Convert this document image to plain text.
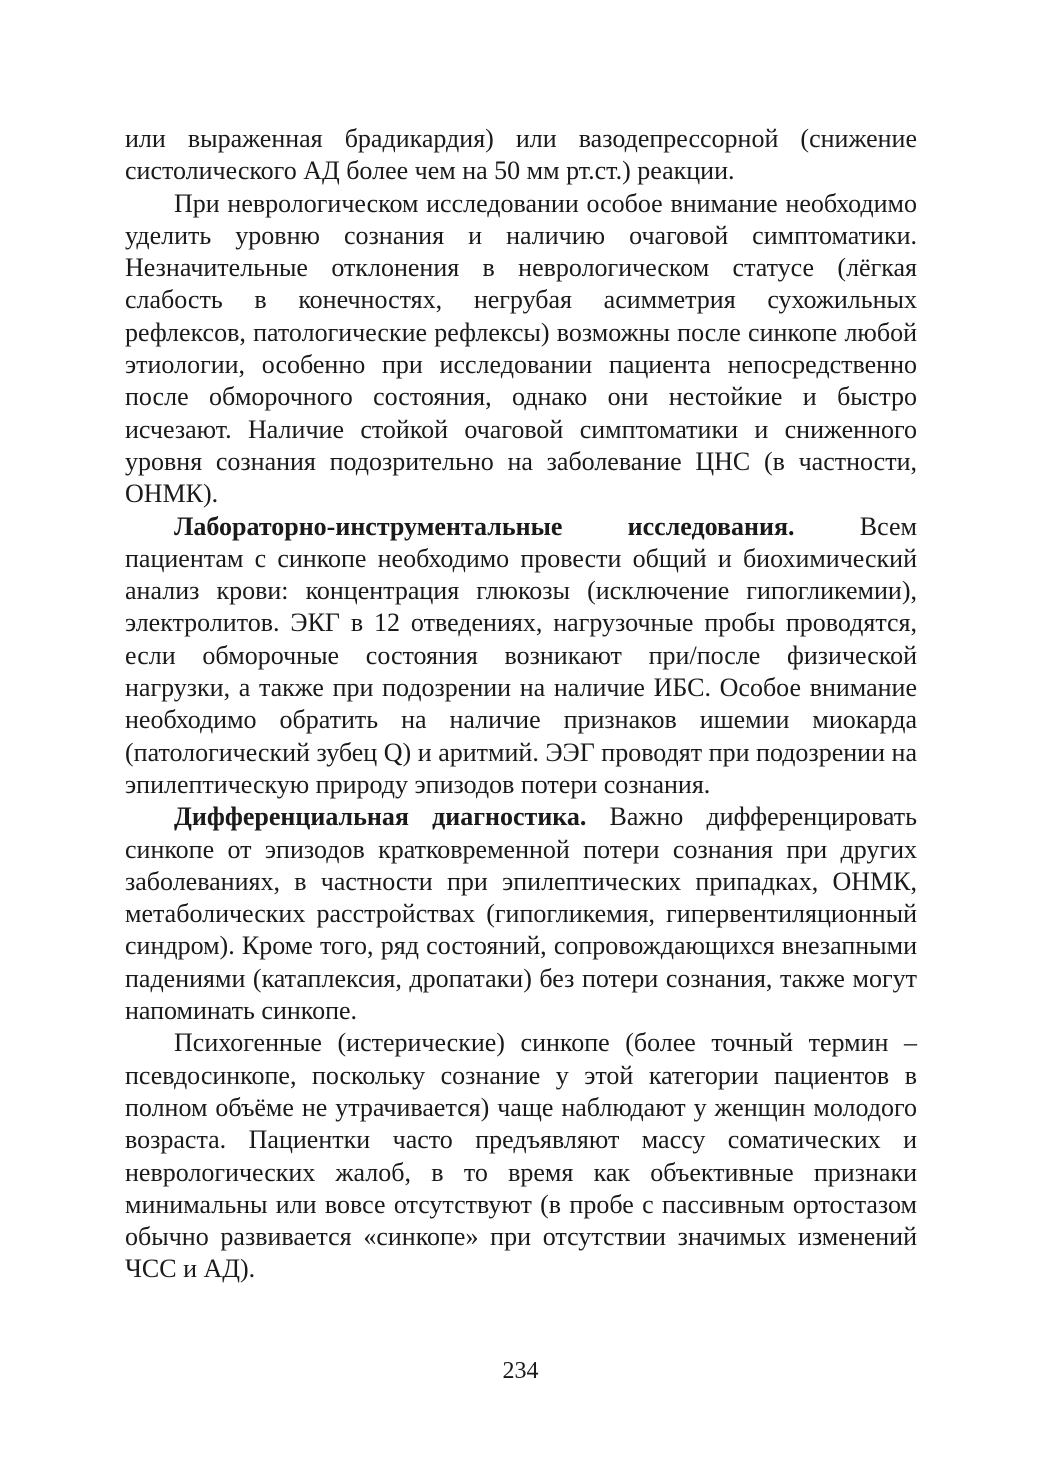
или выраженная брадикардия) или вазодепрессорной (снижение систолического АД более чем на 50 мм рт.ст.) реакции.

При неврологическом исследовании особое внимание необходимо уделить уровню сознания и наличию очаговой симптоматики. Незначительные отклонения в неврологическом статусе (лёгкая слабость в конечностях, негрубая асимметрия сухожильных рефлексов, патологические рефлексы) возможны после синкопе любой этиологии, особенно при исследовании пациента непосредственно после обморочного состояния, однако они нестойкие и быстро исчезают. Наличие стойкой очаговой симптоматики и сниженного уровня сознания подозрительно на заболевание ЦНС (в частности, ОНМК).

Лабораторно-инструментальные исследования. Всем пациентам с синкопе необходимо провести общий и биохимический анализ крови: концентрация глюкозы (исключение гипогликемии), электролитов. ЭКГ в 12 отведениях, нагрузочные пробы проводятся, если обморочные состояния возникают при/после физической нагрузки, а также при подозрении на наличие ИБС. Особое внимание необходимо обратить на наличие признаков ишемии миокарда (патологический зубец Q) и аритмий. ЭЭГ проводят при подозрении на эпилептическую природу эпизодов потери сознания.

Дифференциальная диагностика. Важно дифференцировать синкопе от эпизодов кратковременной потери сознания при других заболеваниях, в частности при эпилептических припадках, ОНМК, метаболических расстройствах (гипогликемия, гипервентиляционный синдром). Кроме того, ряд состояний, сопровождающихся внезапными падениями (катаплексия, дропатаки) без потери сознания, также могут напоминать синкопе.

Психогенные (истерические) синкопе (более точный термин – псевдосинкопе, поскольку сознание у этой категории пациентов в полном объёме не утрачивается) чаще наблюдают у женщин молодого возраста. Пациентки часто предъявляют массу соматических и неврологических жалоб, в то время как объективные признаки минимальны или вовсе отсутствуют (в пробе с пассивным ортостазом обычно развивается «синкопе» при отсутствии значимых изменений ЧСС и АД).

234
